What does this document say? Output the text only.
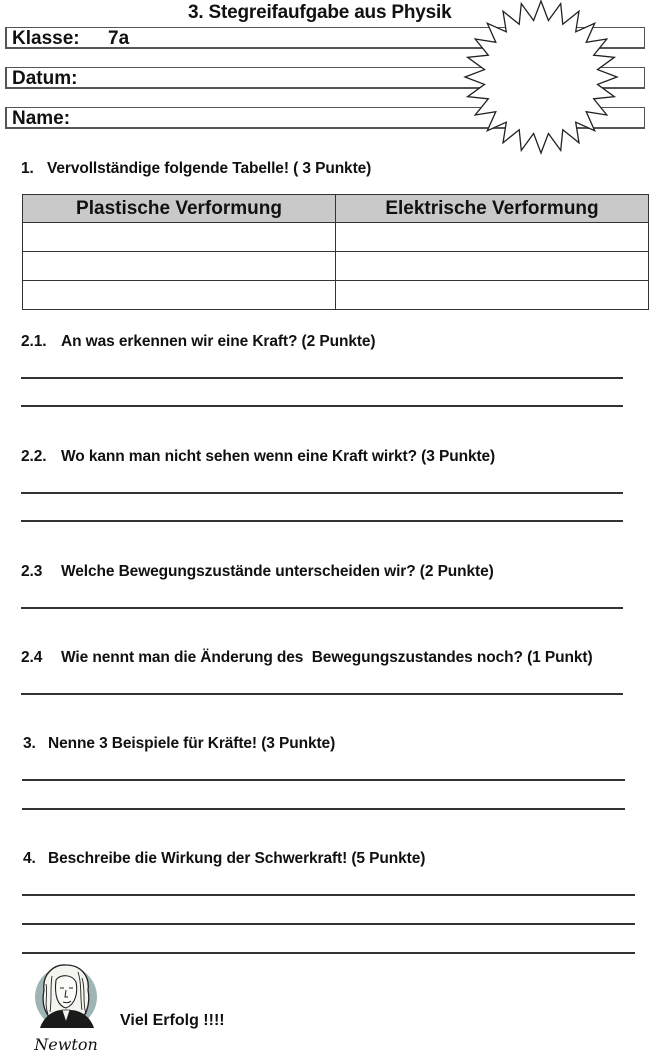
3. Stegreifaufgabe aus Physik
Klasse: 7a
Datum:
Name:
1. Vervollständige folgende Tabelle! ( 3 Punkte)
Plastische Verformung	Elektrische Verformung

2.1. An was erkennen wir eine Kraft? (2 Punkte)
2.2. Wo kann man nicht sehen wenn eine Kraft wirkt? (3 Punkte)
2.3 Welche Bewegungszustände unterscheiden wir? (2 Punkte)
2.4 Wie nennt man die Änderung des  Bewegungszustandes noch? (1 Punkt)
3. Nenne 3 Beispiele für Kräfte! (3 Punkte)
4. Beschreibe die Wirkung der Schwerkraft! (5 Punkte)
Newton
Viel Erfolg !!!!
